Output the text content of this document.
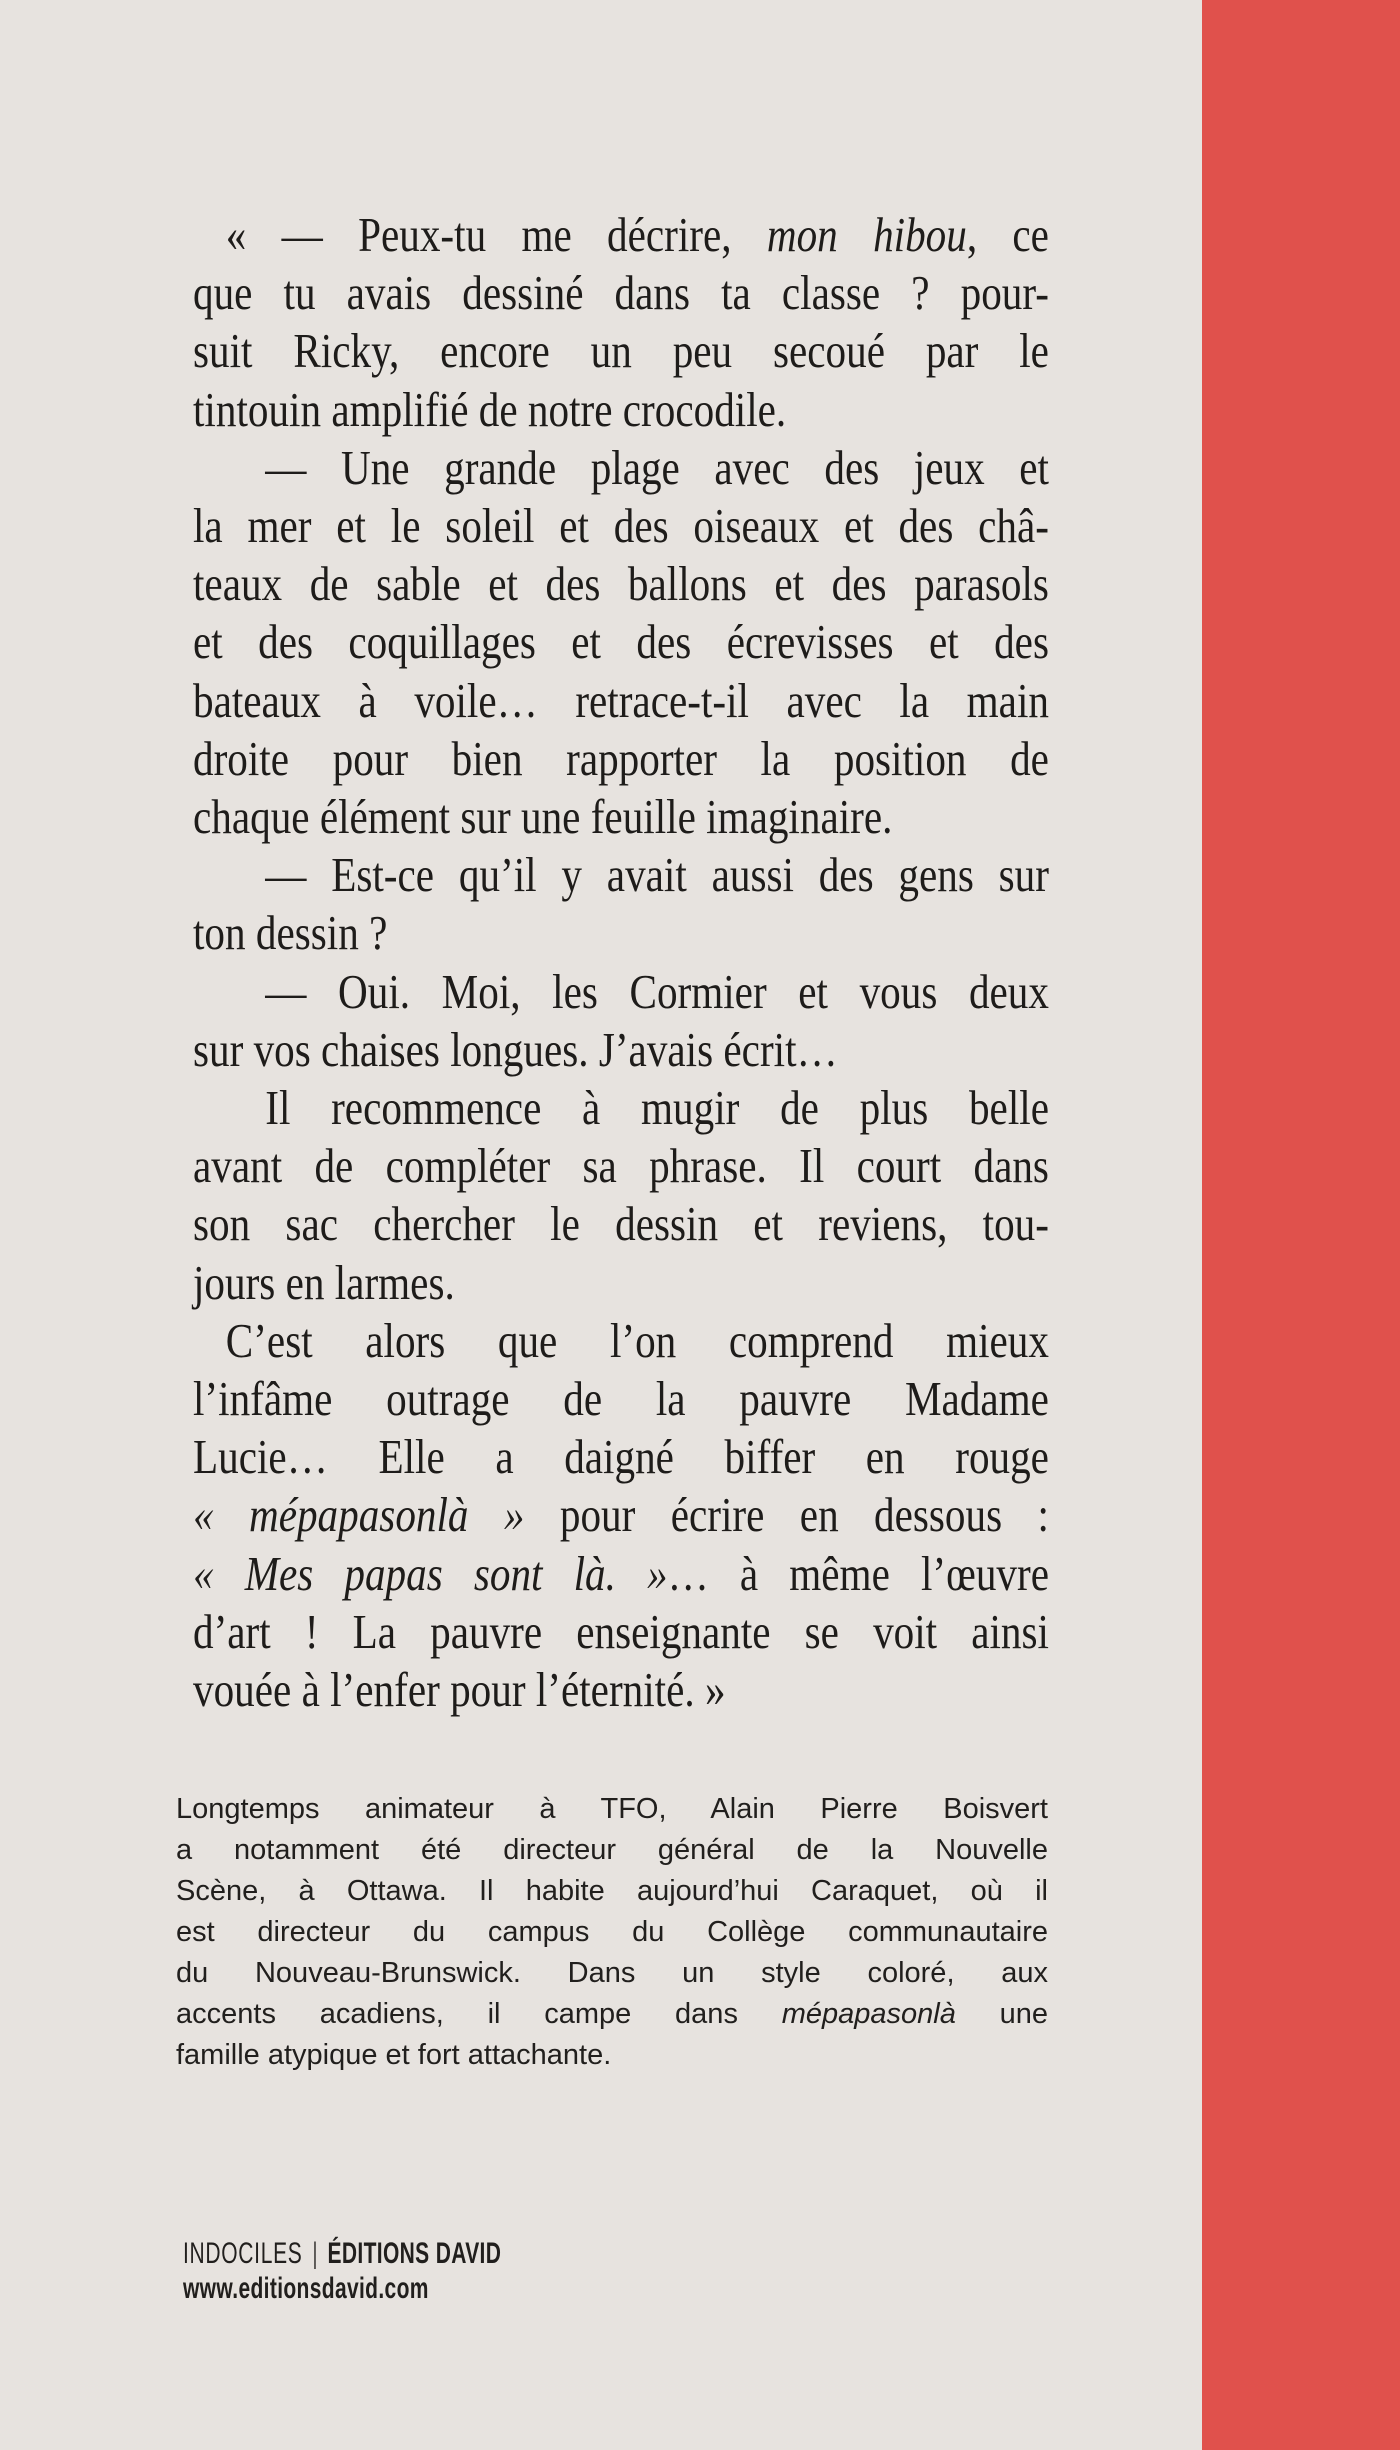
« — Peux-tu me décrire, mon hibou, ce
que tu avais dessiné dans ta classe ? pour-
suit Ricky, encore un peu secoué par le
tintouin amplifié de notre crocodile.
— Une grande plage avec des jeux et
la mer et le soleil et des oiseaux et des châ-
teaux de sable et des ballons et des parasols
et des coquillages et des écrevisses et des
bateaux à voile… retrace-t-il avec la main
droite pour bien rapporter la position de
chaque élément sur une feuille imaginaire.
— Est-ce qu’il y avait aussi des gens sur
ton dessin ?
— Oui. Moi, les Cormier et vous deux
sur vos chaises longues. J’avais écrit…
Il recommence à mugir de plus belle
avant de compléter sa phrase. Il court dans
son sac chercher le dessin et reviens, tou-
jours en larmes.
C’est alors que l’on comprend mieux
l’infâme outrage de la pauvre Madame
Lucie… Elle a daigné biffer en rouge
« mépapasonlà » pour écrire en dessous :
« Mes papas sont là. »… à même l’œuvre
d’art ! La pauvre enseignante se voit ainsi
vouée à l’enfer pour l’éternité. »
Longtemps animateur à TFO, Alain Pierre Boisvert
a notamment été directeur général de la Nouvelle
Scène, à Ottawa. Il habite aujourd’hui Caraquet, où il
est directeur du campus du Collège communautaire
du Nouveau-Brunswick. Dans un style coloré, aux
accents acadiens, il campe dans mépapasonlà une
famille atypique et fort attachante.
INDOCILES | ÉDITIONS DAVID
www.editionsdavid.com
